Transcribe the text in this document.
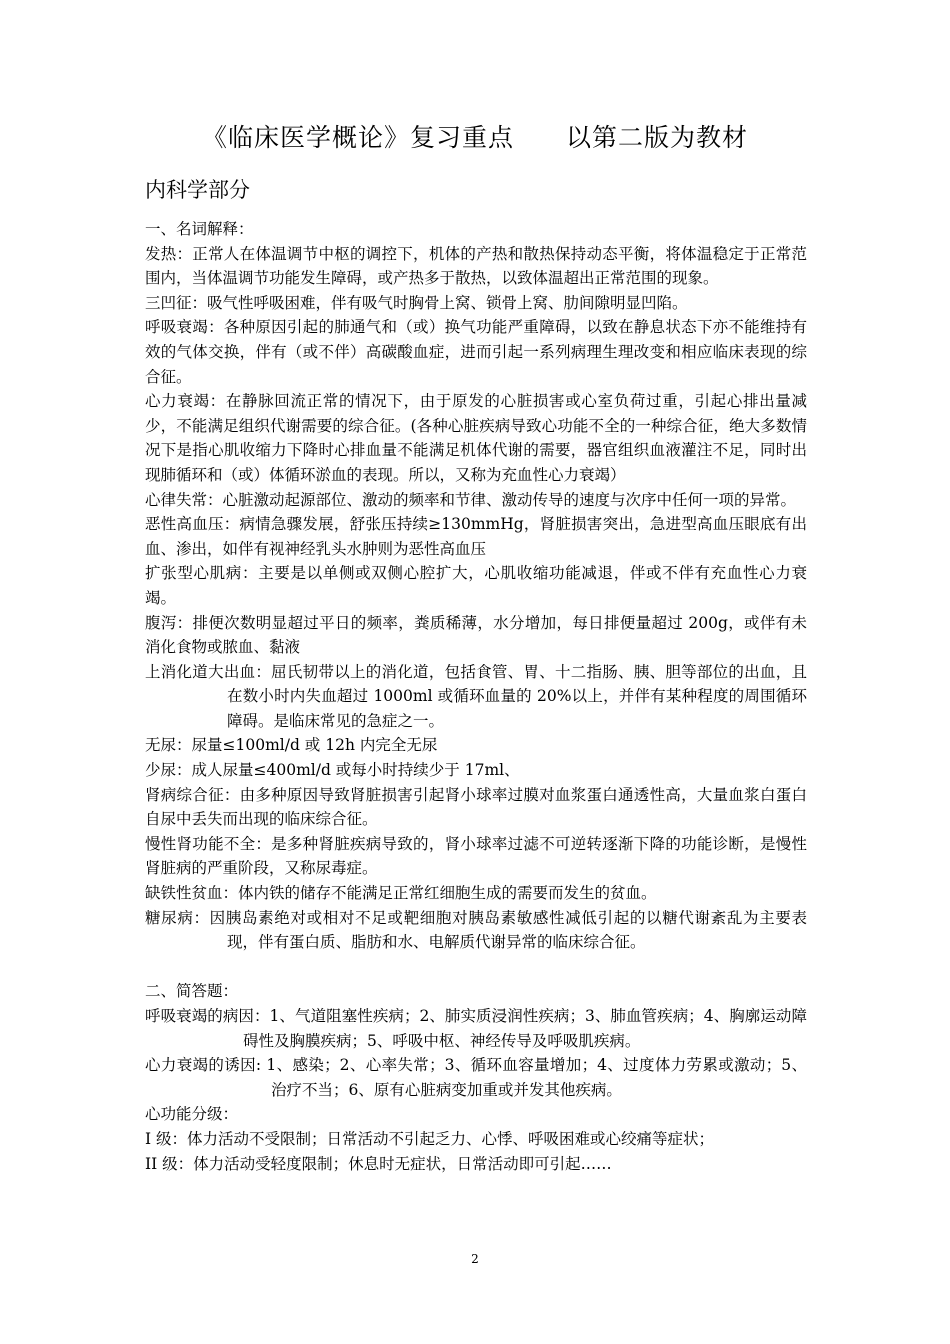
《临床医学概论》复习重点 以第二版为教材
内科学部分

一、名词解释：

发热：正常人在体温调节中枢的调控下，机体的产热和散热保持动态平衡，将体温稳定于正常范围内，当体温调节功能发生障碍，或产热多于散热，以致体温超出正常范围的现象。

三凹征：吸气性呼吸困难，伴有吸气时胸骨上窝、锁骨上窝、肋间隙明显凹陷。

呼吸衰竭：各种原因引起的肺通气和（或）换气功能严重障碍，以致在静息状态下亦不能维持有效的气体交换，伴有（或不伴）高碳酸血症，进而引起一系列病理生理改变和相应临床表现的综合征。

心力衰竭：在静脉回流正常的情况下，由于原发的心脏损害或心室负荷过重，引起心排出量减少，不能满足组织代谢需要的综合征。(各种心脏疾病导致心功能不全的一种综合征，绝大多数情况下是指心肌收缩力下降时心排血量不能满足机体代谢的需要，器官组织血液灌注不足，同时出现肺循环和（或）体循环淤血的表现。所以，又称为充血性心力衰竭）

心律失常：心脏激动起源部位、激动的频率和节律、激动传导的速度与次序中任何一项的异常。

恶性高血压：病情急骤发展，舒张压持续≥130mmHg，肾脏损害突出，急进型高血压眼底有出血、渗出，如伴有视神经乳头水肿则为恶性高血压

扩张型心肌病：主要是以单侧或双侧心腔扩大，心肌收缩功能减退，伴或不伴有充血性心力衰竭。

腹泻：排便次数明显超过平日的频率，粪质稀薄，水分增加，每日排便量超过 200g，或伴有未消化食物或脓血、黏液

上消化道大出血：屈氏韧带以上的消化道，包括食管、胃、十二指肠、胰、胆等部位的出血，且在数小时内失血超过 1000ml 或循环血量的 20%以上，并伴有某种程度的周围循环障碍。是临床常见的急症之一。

无尿：尿量≤100ml/d 或 12h 内完全无尿

少尿：成人尿量≤400ml/d 或每小时持续少于 17ml、

肾病综合征：由多种原因导致肾脏损害引起肾小球率过膜对血浆蛋白通透性高，大量血浆白蛋白自尿中丢失而出现的临床综合征。

慢性肾功能不全：是多种肾脏疾病导致的，肾小球率过滤不可逆转逐渐下降的功能诊断，是慢性肾脏病的严重阶段，又称尿毒症。

缺铁性贫血：体内铁的储存不能满足正常红细胞生成的需要而发生的贫血。

糖尿病：因胰岛素绝对或相对不足或靶细胞对胰岛素敏感性减低引起的以糖代谢紊乱为主要表现，伴有蛋白质、脂肪和水、电解质代谢异常的临床综合征。

二、简答题：

呼吸衰竭的病因：1、气道阻塞性疾病；2、肺实质浸润性疾病；3、肺血管疾病；4、胸廓运动障碍性及胸膜疾病；5、呼吸中枢、神经传导及呼吸肌疾病。

心力衰竭的诱因: 1、感染；2、心率失常；3、循环血容量增加；4、过度体力劳累或激动；5、治疗不当；6、原有心脏病变加重或并发其他疾病。

心功能分级：

I 级：体力活动不受限制；日常活动不引起乏力、心悸、呼吸困难或心绞痛等症状；

II 级：体力活动受轻度限制；休息时无症状，日常活动即可引起……

2
